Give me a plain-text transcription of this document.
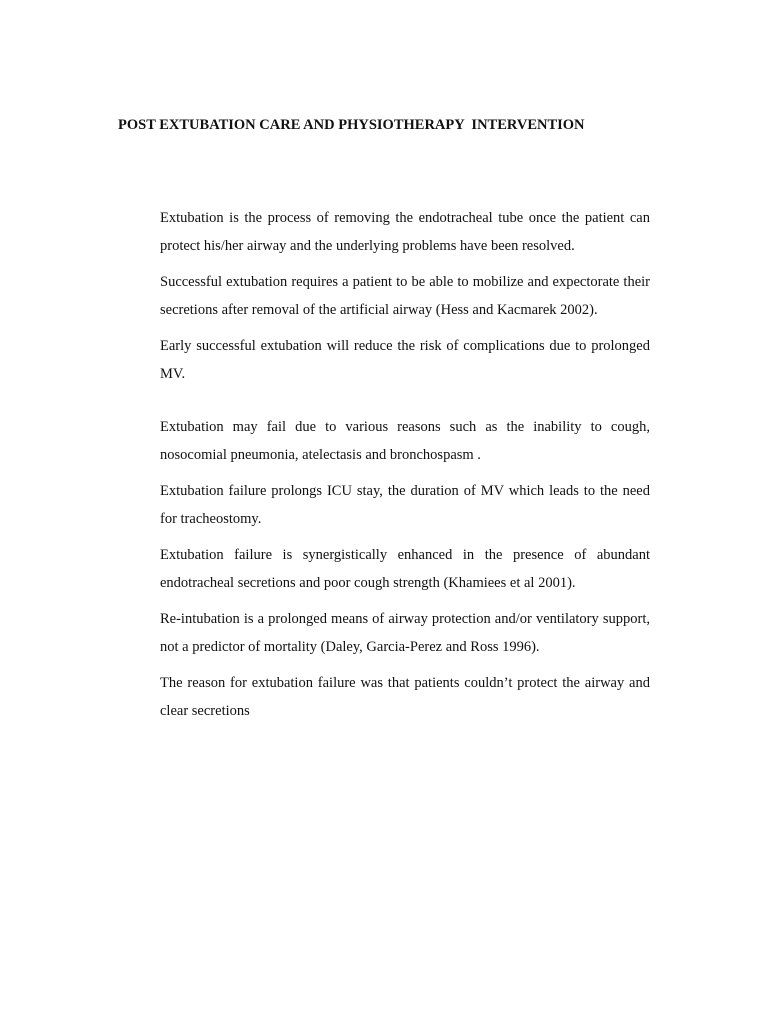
POST EXTUBATION CARE AND PHYSIOTHERAPY  INTERVENTION

Extubation is the process of removing the endotracheal tube once the patient can protect his/her airway and the underlying problems have been resolved.

Successful extubation requires a patient to be able to mobilize and expectorate their secretions after removal of the artificial airway (Hess and Kacmarek 2002).

Early successful extubation will reduce the risk of complications due to prolonged MV.

Extubation may fail due to various reasons such as the inability to cough, nosocomial pneumonia, atelectasis and bronchospasm .

Extubation failure prolongs ICU stay, the duration of MV which leads to the need for tracheostomy.

Extubation failure is synergistically enhanced in the presence of abundant endotracheal secretions and poor cough strength (Khamiees et al 2001).

Re-intubation is a prolonged means of airway protection and/or ventilatory support, not a predictor of mortality (Daley, Garcia-Perez and Ross 1996).

The reason for extubation failure was that patients couldn’t protect the airway and clear secretions
